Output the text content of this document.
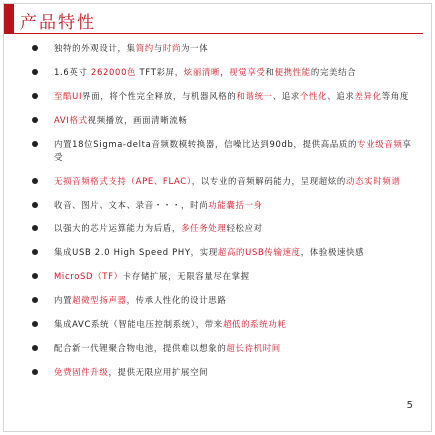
产品特性
独特的外观设计，集简约与时尚为一体
1.6英寸 262000色 TFT彩屏，炫丽清晰，视觉享受和便携性能的完美结合
至酷UI界面，将个性完全释放，与机器风格的和谐统一、追求个性化、追求差异化等角度
AVI格式视频播放，画面清晰流畅
内置18位Sigma-delta音频数模转换器，信噪比达到90db，提供高品质的专业级音频享受
无损音频格式支持（APE、FLAC），以专业的音频解码能力，呈现超炫的动态实时频谱
收音、图片、文本、录音・・・，时尚功能囊括一身
以强大的芯片运算能力为后盾，多任务处理轻松应对
集成USB 2.0 High Speed PHY，实现超高的USB传输速度，体验极速快感
MicroSD（TF）卡存储扩展，无限容量尽在掌握
内置超微型扬声器，传承人性化的设计思路
集成AVC系统（智能电压控制系统），带来超低的系统功耗
配合新一代锂聚合物电池，提供难以想象的超长待机时间
免费固件升级，提供无限应用扩展空间
5
